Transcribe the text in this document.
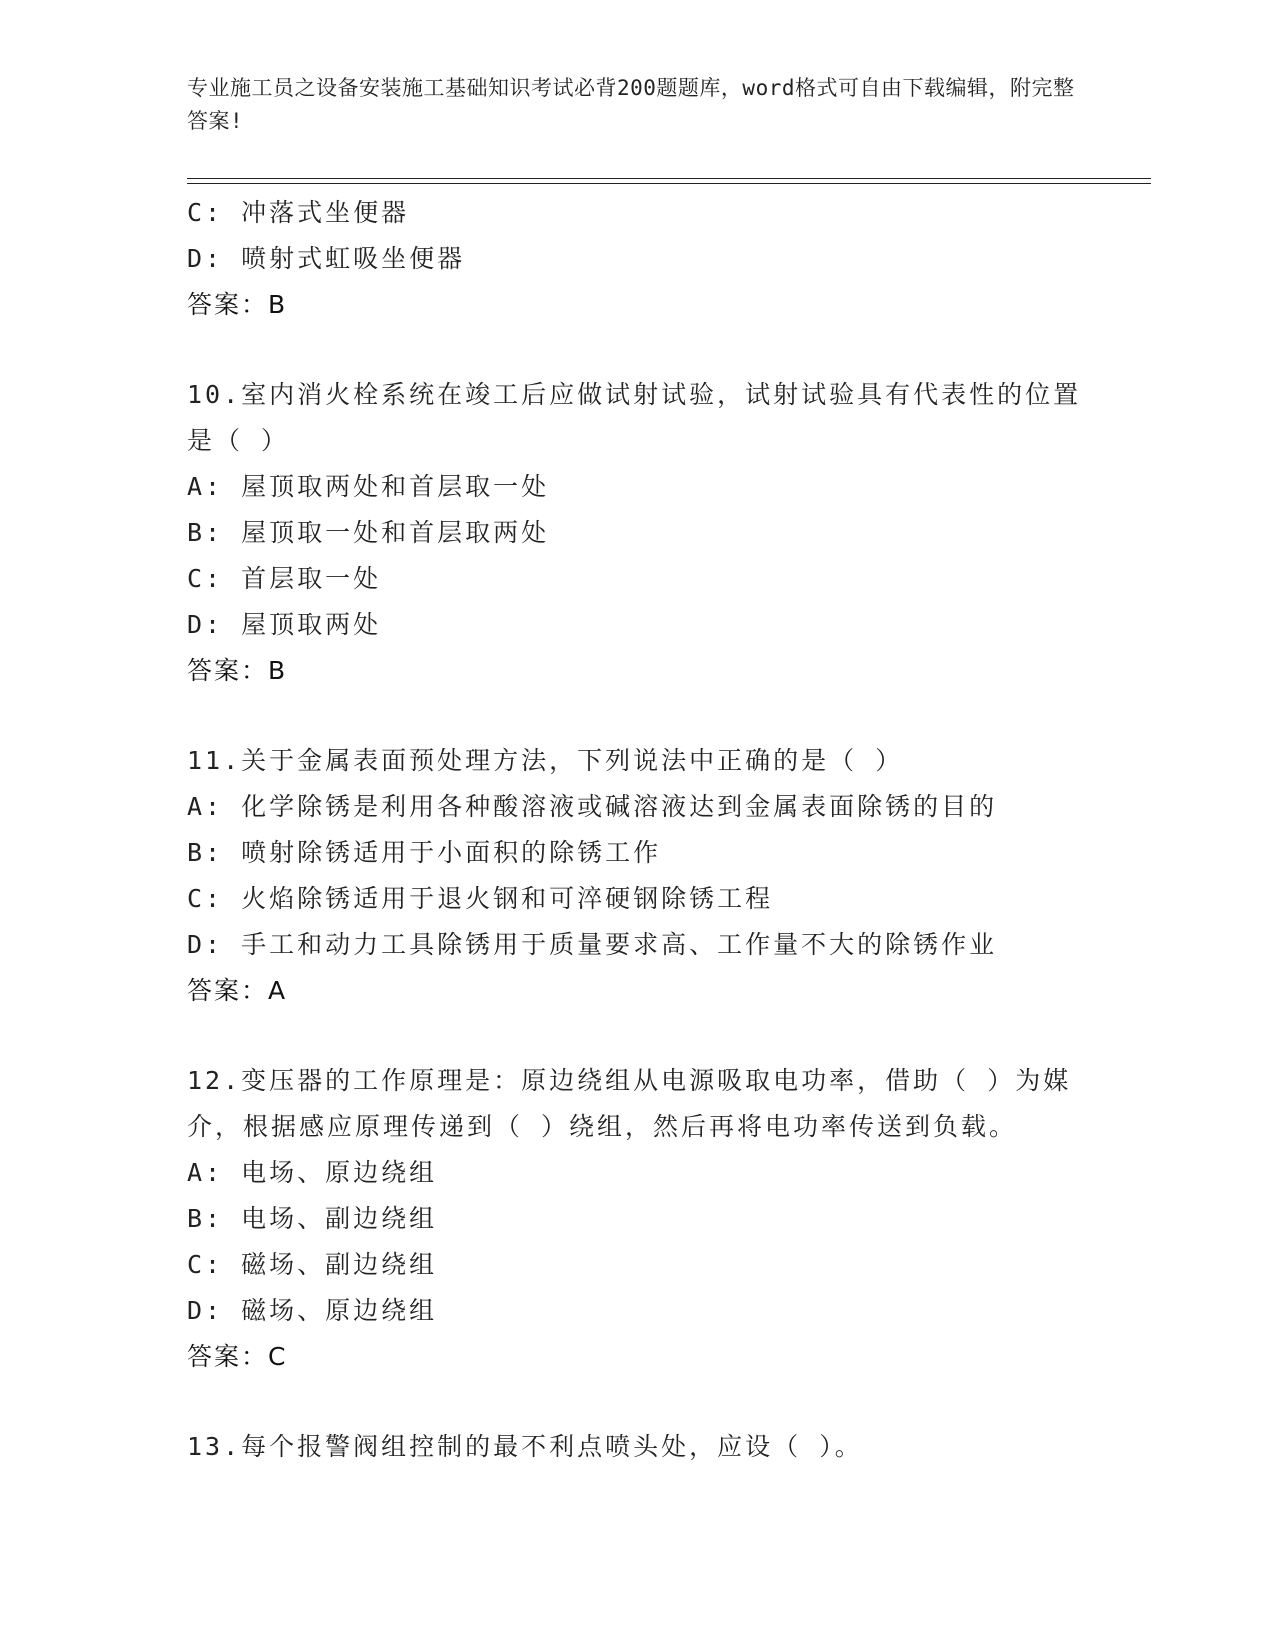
专业施工员之设备安装施工基础知识考试必背200题题库，word格式可自由下载编辑，附完整答案!
C: 冲落式坐便器
D: 喷射式虹吸坐便器
答案：B
10.室内消火栓系统在竣工后应做试射试验，试射试验具有代表性的位置是（ ）
A: 屋顶取两处和首层取一处
B: 屋顶取一处和首层取两处
C: 首层取一处
D: 屋顶取两处
答案：B
11.关于金属表面预处理方法，下列说法中正确的是（ ）
A: 化学除锈是利用各种酸溶液或碱溶液达到金属表面除锈的目的
B: 喷射除锈适用于小面积的除锈工作
C: 火焰除锈适用于退火钢和可淬硬钢除锈工程
D: 手工和动力工具除锈用于质量要求高、工作量不大的除锈作业
答案：A
12.变压器的工作原理是：原边绕组从电源吸取电功率，借助（ ）为媒介，根据感应原理传递到（ ）绕组，然后再将电功率传送到负载。
A: 电场、原边绕组
B: 电场、副边绕组
C: 磁场、副边绕组
D: 磁场、原边绕组
答案：C
13.每个报警阀组控制的最不利点喷头处，应设（ ）。
